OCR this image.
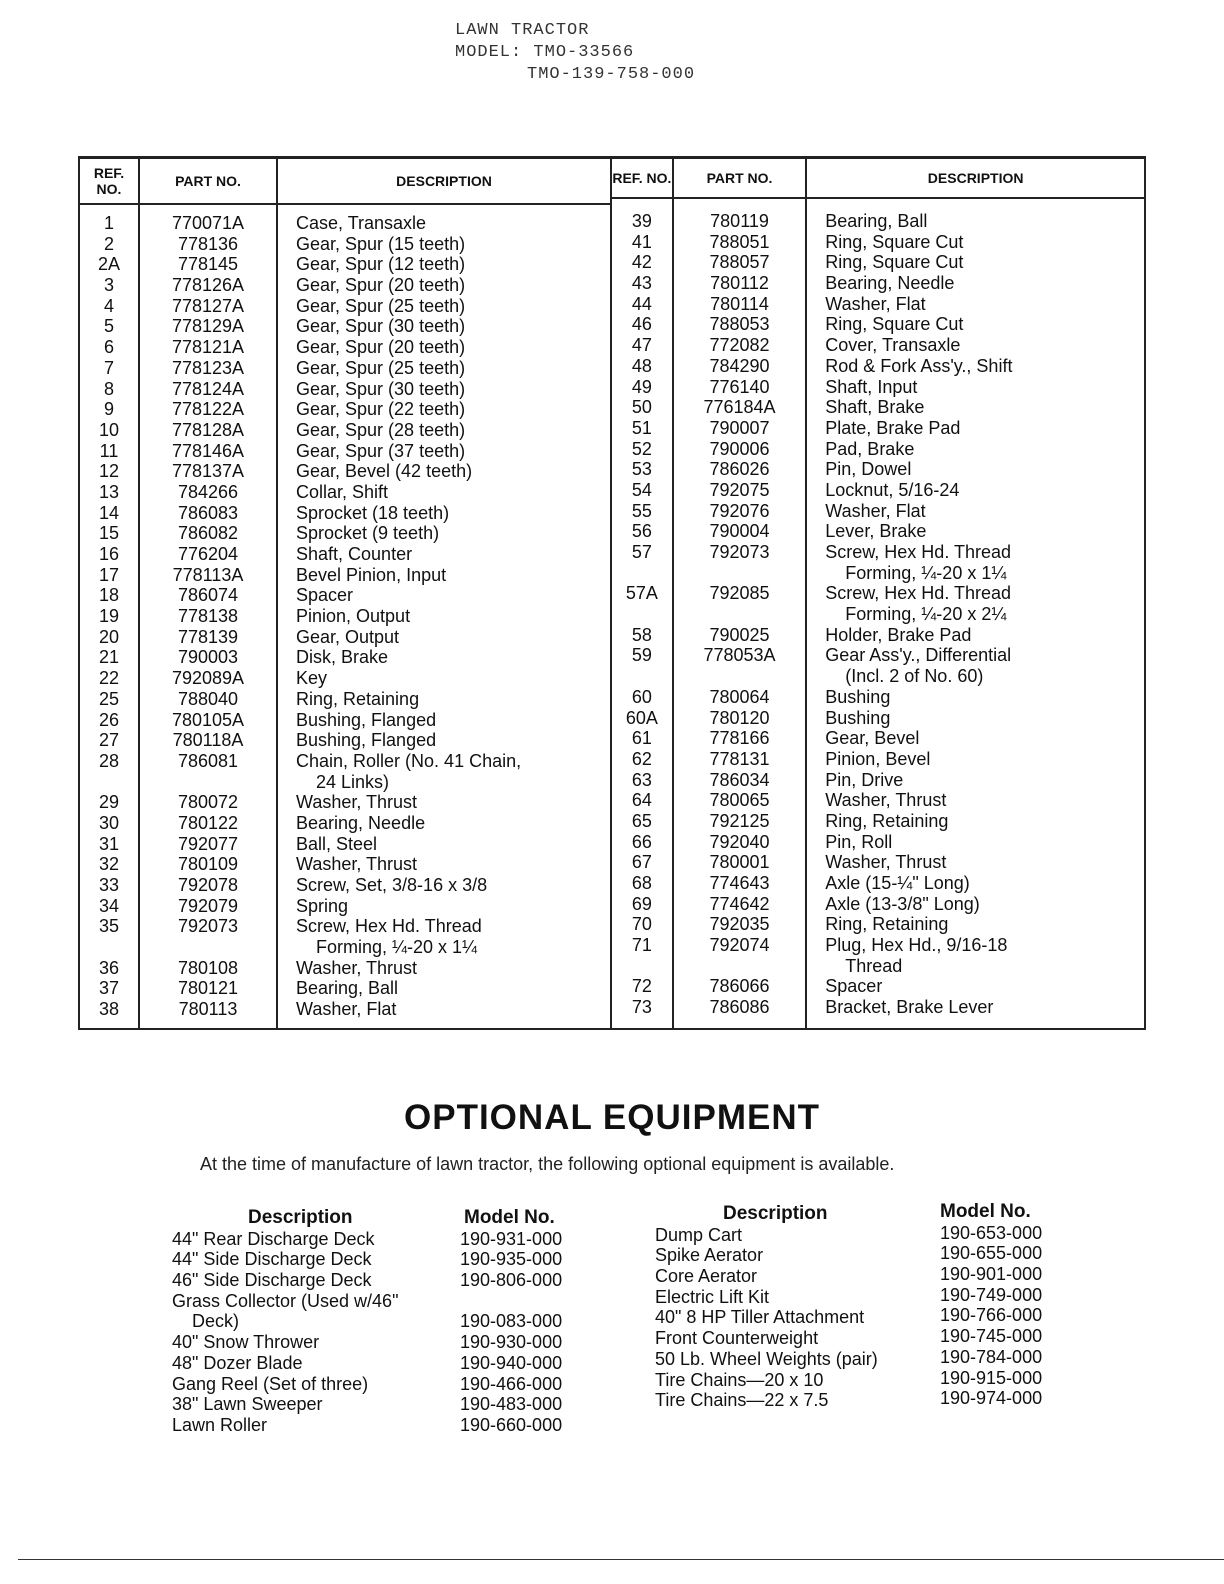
LAWN TRACTOR
MODEL: TMO-33566
TMO-139-758-000
REF. NO.
1
2
2A
3
4
5
6
7
8
9
10
11
12
13
14
15
16
17
18
19
20
21
22
25
26
27
28
29
30
31
32
33
34
35
36
37
38
PART NO.
770071A
778136
778145
778126A
778127A
778129A
778121A
778123A
778124A
778122A
778128A
778146A
778137A
784266
786083
786082
776204
778113A
786074
778138
778139
790003
792089A
788040
780105A
780118A
786081
780072
780122
792077
780109
792078
792079
792073
780108
780121
780113
DESCRIPTION
Case, Transaxle
Gear, Spur (15 teeth)
Gear, Spur (12 teeth)
Gear, Spur (20 teeth)
Gear, Spur (25 teeth)
Gear, Spur (30 teeth)
Gear, Spur (20 teeth)
Gear, Spur (25 teeth)
Gear, Spur (30 teeth)
Gear, Spur (22 teeth)
Gear, Spur (28 teeth)
Gear, Spur (37 teeth)
Gear, Bevel (42 teeth)
Collar, Shift
Sprocket (18 teeth)
Sprocket (9 teeth)
Shaft, Counter
Bevel Pinion, Input
Spacer
Pinion, Output
Gear, Output
Disk, Brake
Key
Ring, Retaining
Bushing, Flanged
Bushing, Flanged
Chain, Roller (No. 41 Chain,
24 Links)
Washer, Thrust
Bearing, Needle
Ball, Steel
Washer, Thrust
Screw, Set, 3/8-16 x 3/8
Spring
Screw, Hex Hd. Thread
Forming, ¼-20 x 1¼
Washer, Thrust
Bearing, Ball
Washer, Flat
REF. NO.
39
41
42
43
44
46
47
48
49
50
51
52
53
54
55
56
57
57A
58
59
60
60A
61
62
63
64
65
66
67
68
69
70
71
72
73
PART NO.
780119
788051
788057
780112
780114
788053
772082
784290
776140
776184A
790007
790006
786026
792075
792076
790004
792073
792085
790025
778053A
780064
780120
778166
778131
786034
780065
792125
792040
780001
774643
774642
792035
792074
786066
786086
DESCRIPTION
Bearing, Ball
Ring, Square Cut
Ring, Square Cut
Bearing, Needle
Washer, Flat
Ring, Square Cut
Cover, Transaxle
Rod & Fork Ass'y., Shift
Shaft, Input
Shaft, Brake
Plate, Brake Pad
Pad, Brake
Pin, Dowel
Locknut, 5/16-24
Washer, Flat
Lever, Brake
Screw, Hex Hd. Thread
Forming, ¼-20 x 1¼
Screw, Hex Hd. Thread
Forming, ¼-20 x 2¼
Holder, Brake Pad
Gear Ass'y., Differential
(Incl. 2 of No. 60)
Bushing
Bushing
Gear, Bevel
Pinion, Bevel
Pin, Drive
Washer, Thrust
Ring, Retaining
Pin, Roll
Washer, Thrust
Axle (15-¼" Long)
Axle (13-3/8" Long)
Ring, Retaining
Plug, Hex Hd., 9/16-18
Thread
Spacer
Bracket, Brake Lever
OPTIONAL EQUIPMENT
At the time of manufacture of lawn tractor, the following optional equipment is available.
Description
44" Rear Discharge Deck
44" Side Discharge Deck
46" Side Discharge Deck
Grass Collector (Used w/46"
Deck)
40" Snow Thrower
48" Dozer Blade
Gang Reel (Set of three)
38" Lawn Sweeper
Lawn Roller
Model No.
190-931-000
190-935-000
190-806-000
190-083-000
190-930-000
190-940-000
190-466-000
190-483-000
190-660-000
Description
Dump Cart
Spike Aerator
Core Aerator
Electric Lift Kit
40" 8 HP Tiller Attachment
Front Counterweight
50 Lb. Wheel Weights (pair)
Tire Chains—20 x 10
Tire Chains—22 x 7.5
Model No.
190-653-000
190-655-000
190-901-000
190-749-000
190-766-000
190-745-000
190-784-000
190-915-000
190-974-000
